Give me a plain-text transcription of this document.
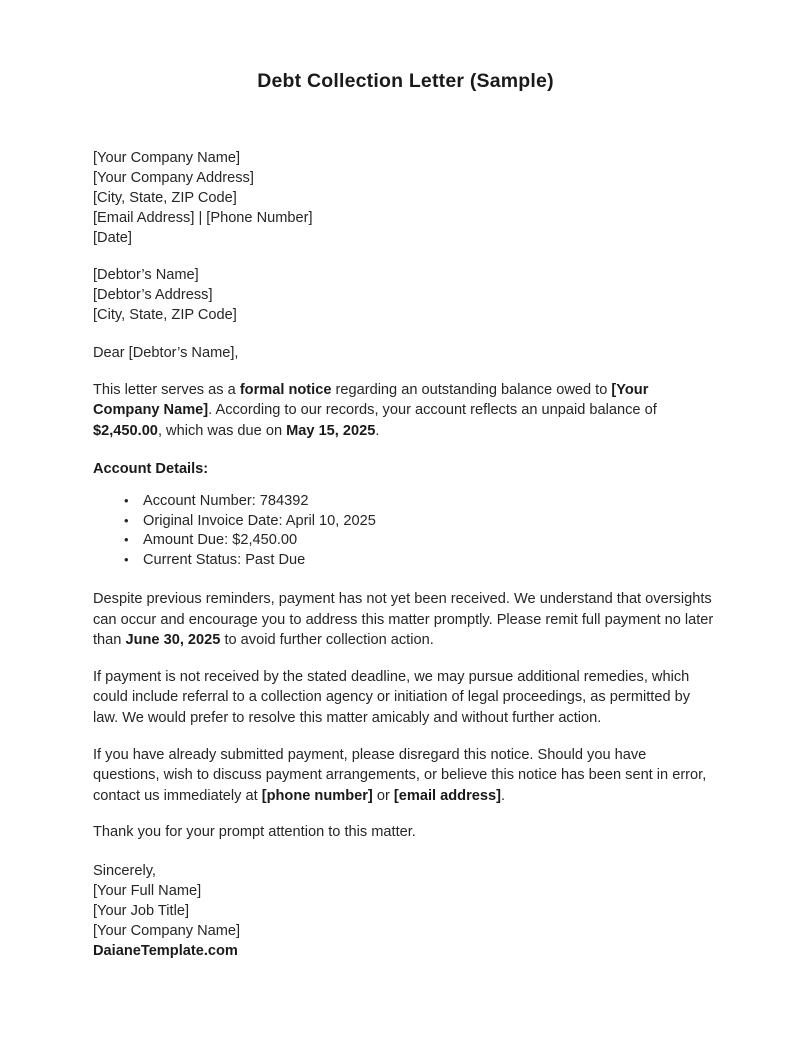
Debt Collection Letter (Sample)
[Your Company Name]
[Your Company Address]
[City, State, ZIP Code]
[Email Address] | [Phone Number]
[Date]
[Debtor’s Name]
[Debtor’s Address]
[City, State, ZIP Code]

Dear [Debtor’s Name],

This letter serves as a formal notice regarding an outstanding balance owed to [Your Company Name]. According to our records, your account reflects an unpaid balance of $2,450.00, which was due on May 15, 2025.

Account Details:

• Account Number: 784392
• Original Invoice Date: April 10, 2025
• Amount Due: $2,450.00
• Current Status: Past Due

Despite previous reminders, payment has not yet been received. We understand that oversights can occur and encourage you to address this matter promptly. Please remit full payment no later than June 30, 2025 to avoid further collection action.

If payment is not received by the stated deadline, we may pursue additional remedies, which could include referral to a collection agency or initiation of legal proceedings, as permitted by law. We would prefer to resolve this matter amicably and without further action.

If you have already submitted payment, please disregard this notice. Should you have questions, wish to discuss payment arrangements, or believe this notice has been sent in error, contact us immediately at [phone number] or [email address].

Thank you for your prompt attention to this matter.

Sincerely,
[Your Full Name]
[Your Job Title]
[Your Company Name]
DaianeTemplate.com
